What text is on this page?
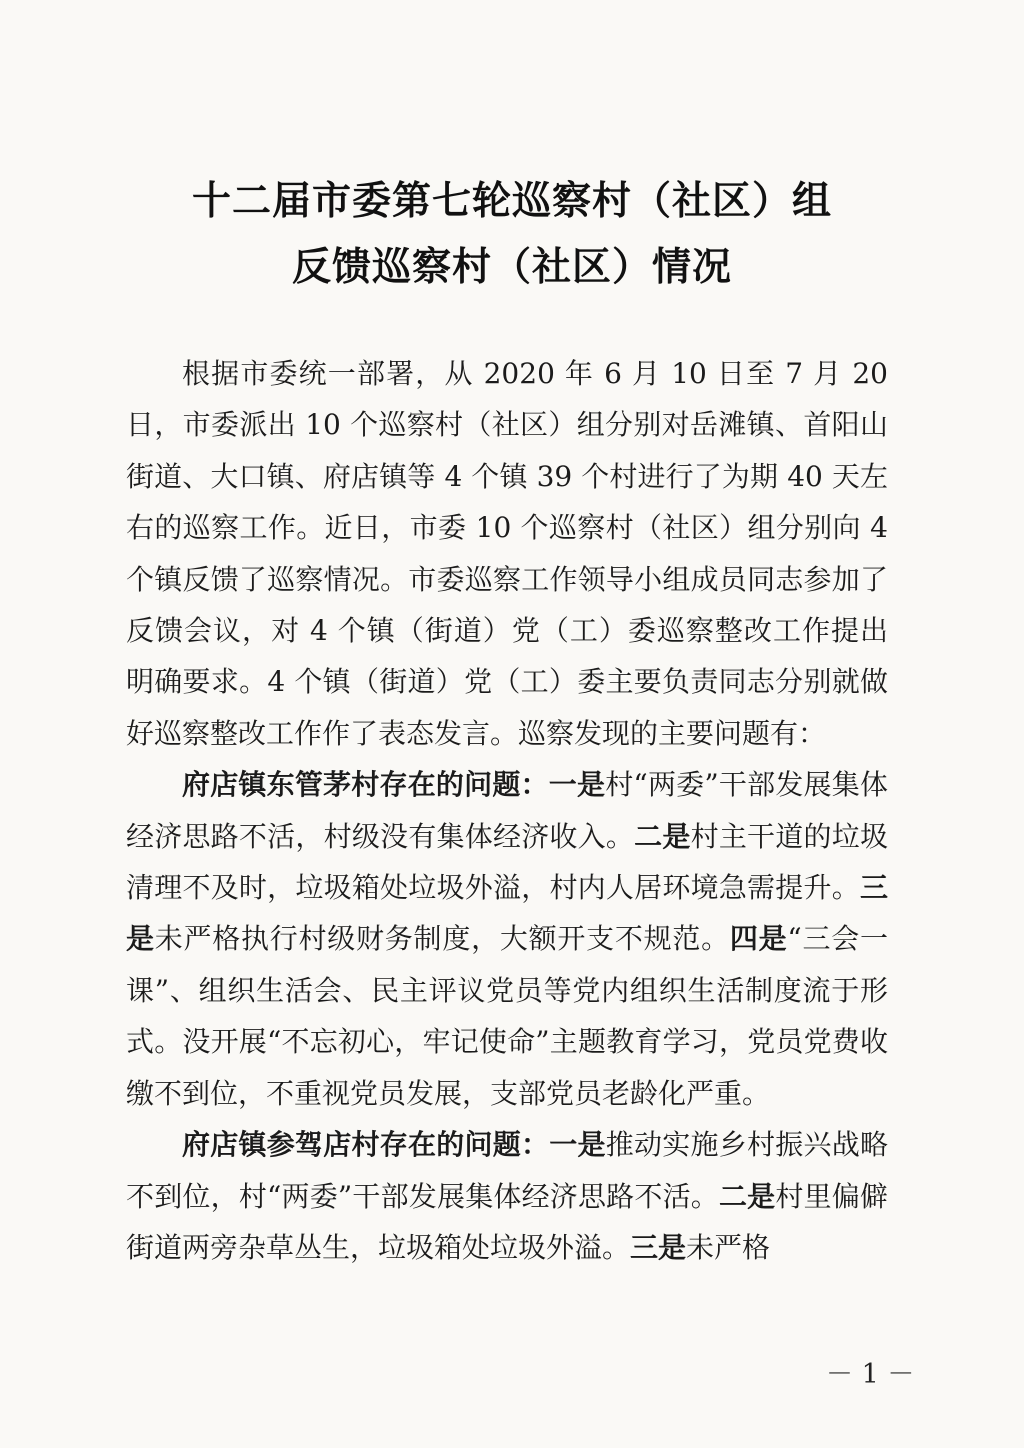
十二届市委第七轮巡察村（社区）组
反馈巡察村（社区）情况

根据市委统一部署，从 2020 年 6 月 10 日至 7 月 20 日，市委派出 10 个巡察村（社区）组分别对岳滩镇、首阳山街道、大口镇、府店镇等 4 个镇 39 个村进行了为期 40 天左右的巡察工作。近日，市委 10 个巡察村（社区）组分别向 4 个镇反馈了巡察情况。市委巡察工作领导小组成员同志参加了反馈会议，对 4 个镇（街道）党（工）委巡察整改工作提出明确要求。4 个镇（街道）党（工）委主要负责同志分别就做好巡察整改工作作了表态发言。巡察发现的主要问题有：

府店镇东管茅村存在的问题：一是村“两委”干部发展集体经济思路不活，村级没有集体经济收入。二是村主干道的垃圾清理不及时，垃圾箱处垃圾外溢，村内人居环境急需提升。三是未严格执行村级财务制度，大额开支不规范。四是“三会一课”、组织生活会、民主评议党员等党内组织生活制度流于形式。没开展“不忘初心，牢记使命”主题教育学习，党员党费收缴不到位，不重视党员发展，支部党员老龄化严重。

府店镇参驾店村存在的问题：一是推动实施乡村振兴战略不到位，村“两委”干部发展集体经济思路不活。二是村里偏僻街道两旁杂草丛生，垃圾箱处垃圾外溢。三是未严格

－ 1 －
